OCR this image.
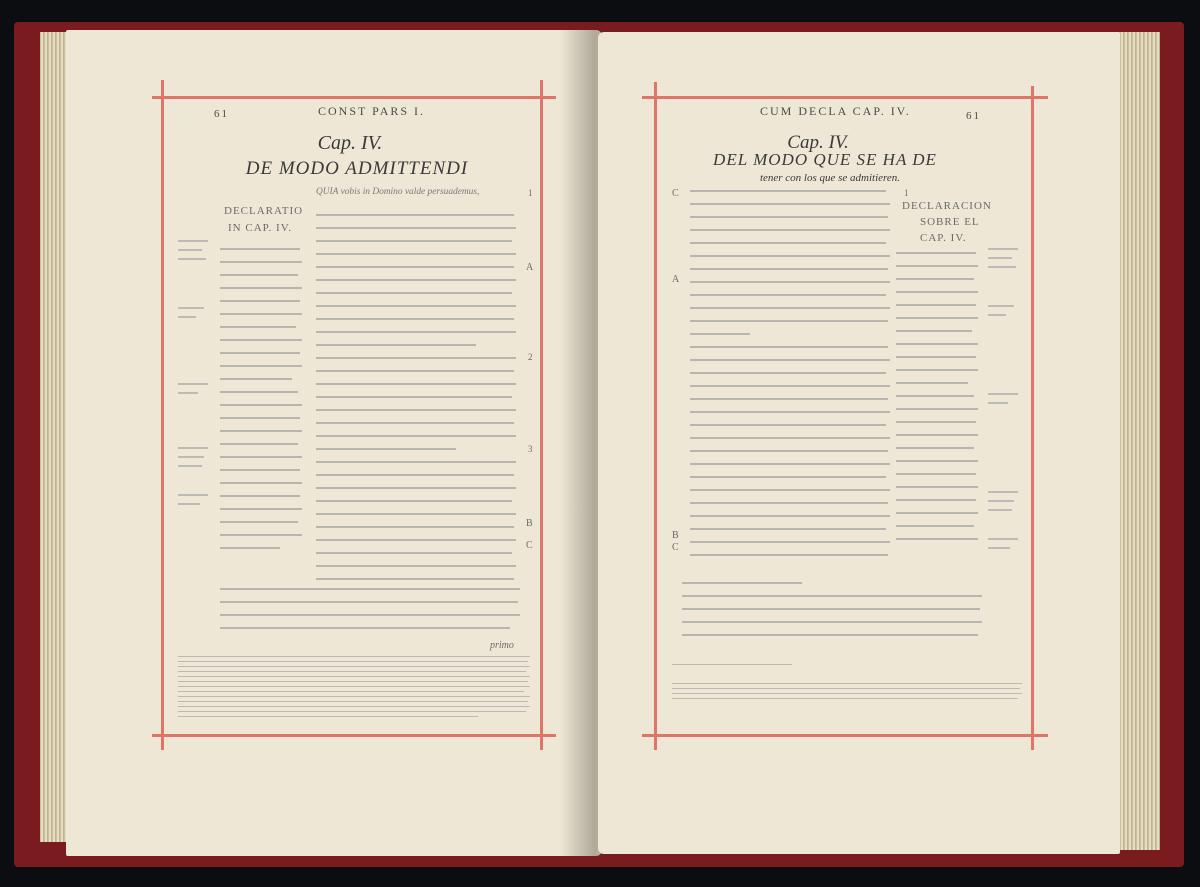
61	CONST PARS I.
Cap. IV.
DE MODO ADMITTENDI
DECLARATIO
IN CAP. IV.
QUIA vobis in Domino valde persuademus,
primo
1
A
2
3
B
C
CUM DECLA CAP. IV.	61
Cap. IV.
DEL MODO QUE SE HA DE
tener con los que se admitieren.
C
A
B
C
1
DECLARACION
SOBRE EL
CAP. IV.
